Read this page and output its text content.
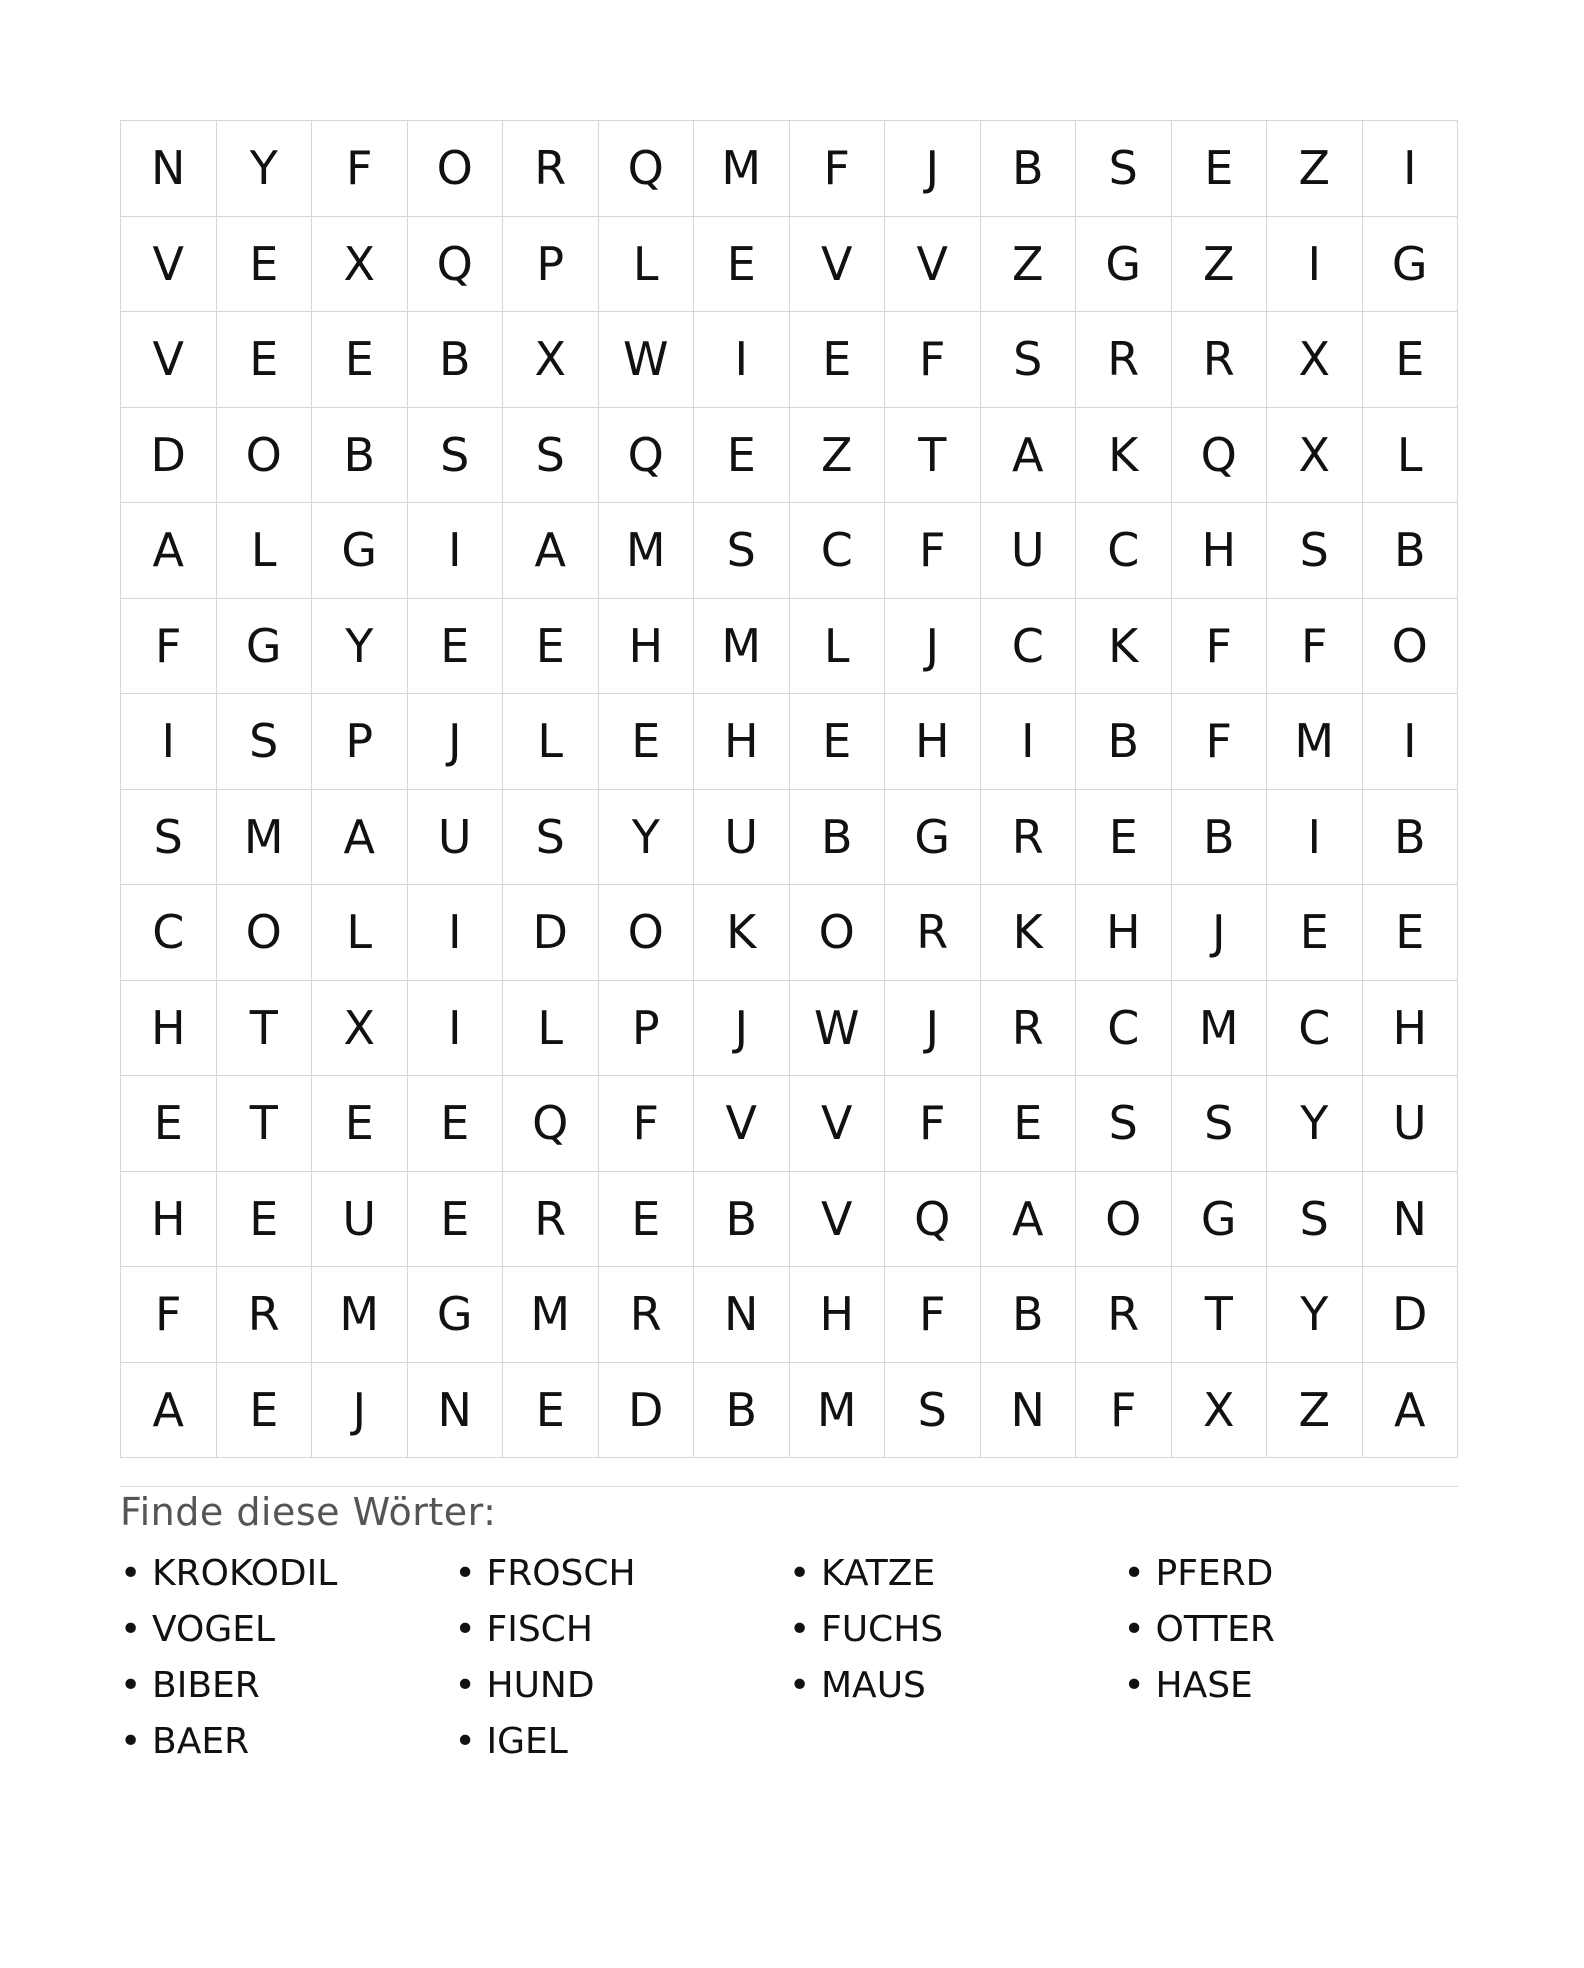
N	Y	F	O	R	Q	M	F	J	B	S	E	Z	I
V	E	X	Q	P	L	E	V	V	Z	G	Z	I	G
V	E	E	B	X	W	I	E	F	S	R	R	X	E
D	O	B	S	S	Q	E	Z	T	A	K	Q	X	L
A	L	G	I	A	M	S	C	F	U	C	H	S	B
F	G	Y	E	E	H	M	L	J	C	K	F	F	O
I	S	P	J	L	E	H	E	H	I	B	F	M	I
S	M	A	U	S	Y	U	B	G	R	E	B	I	B
C	O	L	I	D	O	K	O	R	K	H	J	E	E
H	T	X	I	L	P	J	W	J	R	C	M	C	H
E	T	E	E	Q	F	V	V	F	E	S	S	Y	U
H	E	U	E	R	E	B	V	Q	A	O	G	S	N
F	R	M	G	M	R	N	H	F	B	R	T	Y	D
A	E	J	N	E	D	B	M	S	N	F	X	Z	A
Finde diese Wörter:
• KROKODIL	• FROSCH	• KATZE	• PFERD
• VOGEL	• FISCH	• FUCHS	• OTTER
• BIBER	• HUND	• MAUS	• HASE
• BAER	• IGEL
